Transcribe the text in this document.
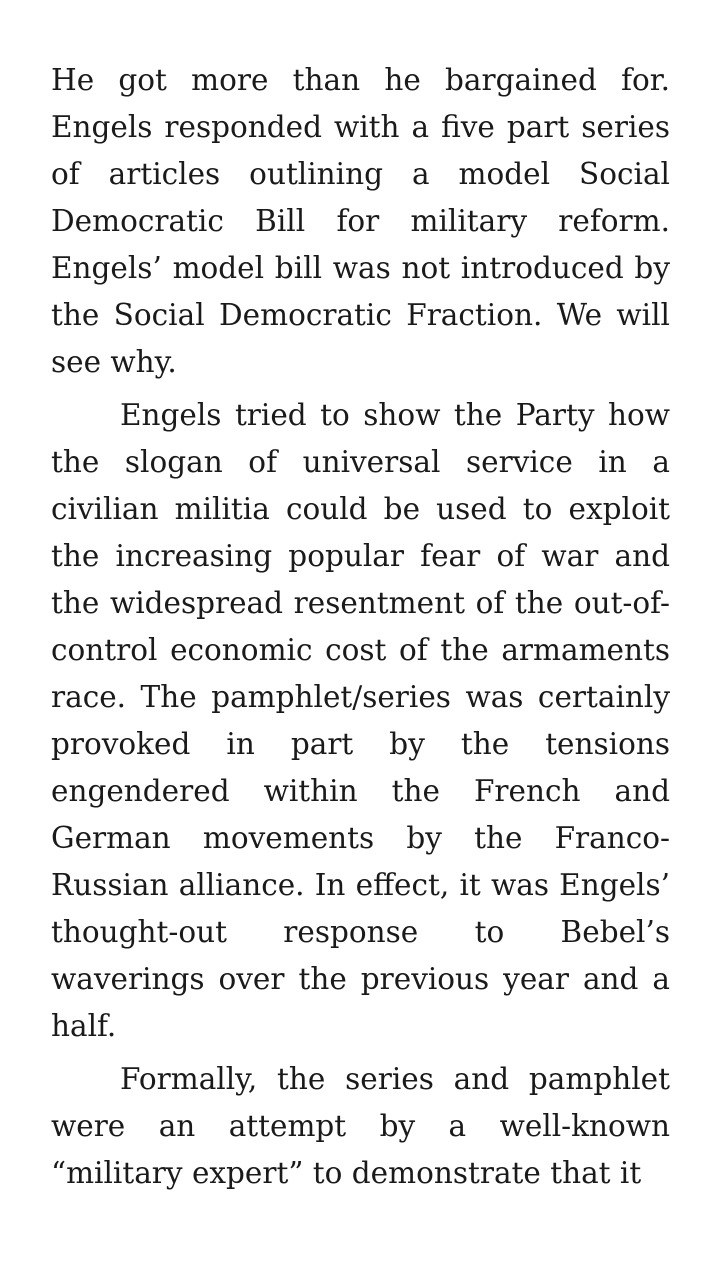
He got more than he bargained for. Engels responded with a five part series of articles outlining a model Social Democratic Bill for military reform. Engels’ model bill was not introduced by the Social Democratic Fraction. We will see why.

Engels tried to show the Party how the slogan of universal service in a civilian militia could be used to exploit the increasing popular fear of war and the widespread resentment of the out-of-control economic cost of the armaments race. The pamphlet/series was certainly provoked in part by the tensions engendered within the French and German movements by the Franco-Russian alliance. In effect, it was Engels’ thought-out response to Bebel’s waverings over the previous year and a half.

Formally, the series and pamphlet were an attempt by a well-known “military expert” to demonstrate that it
